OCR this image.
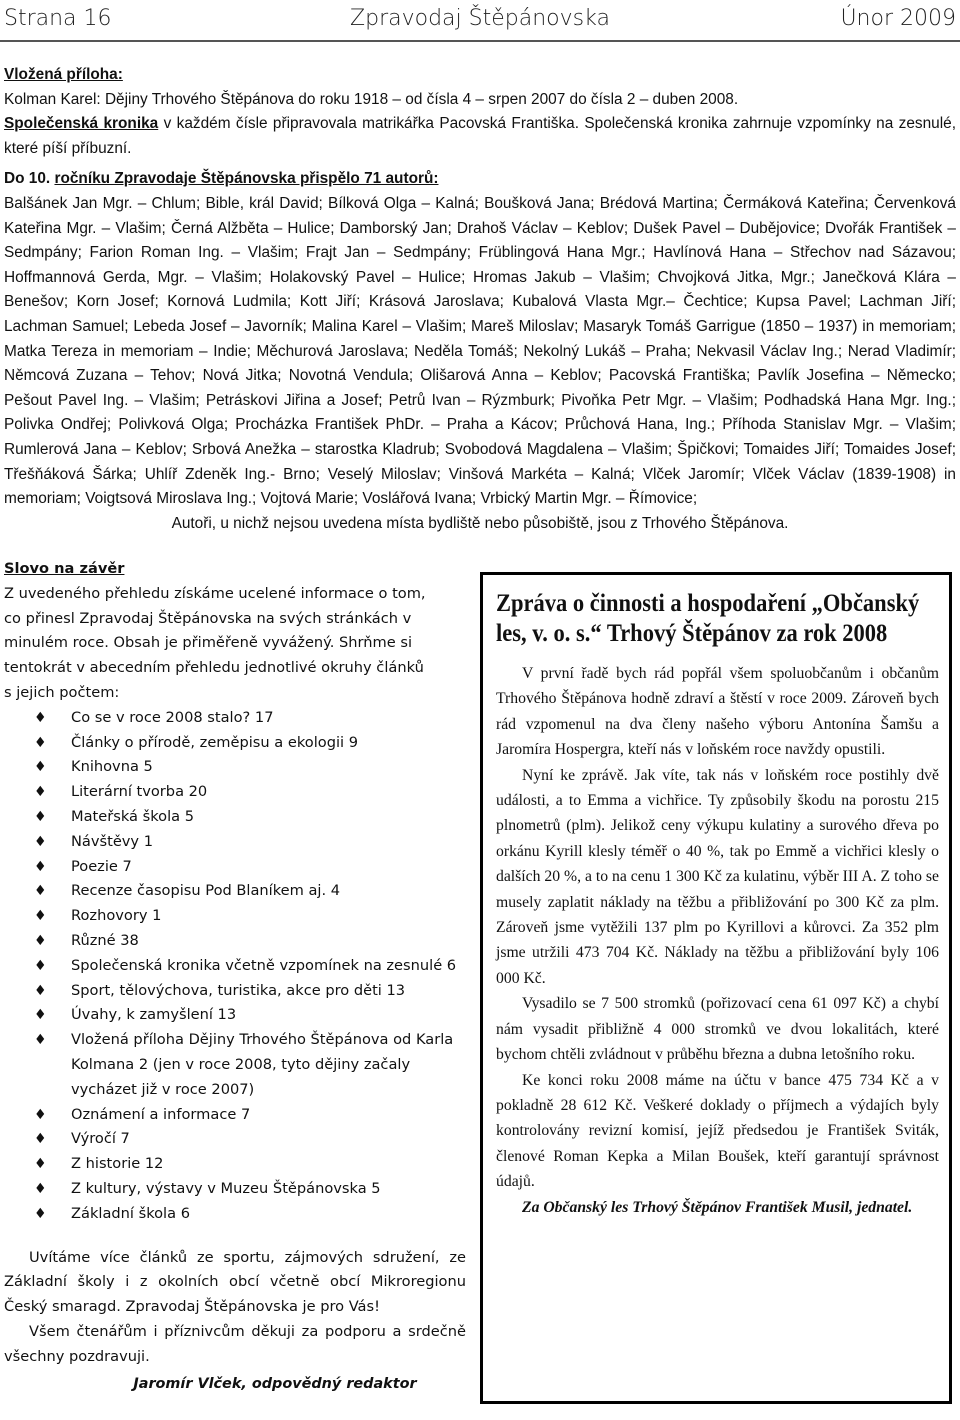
Zpravodaj Štěpánovska
Strana 16	Únor 2009

Vložená příloha:

Kolman Karel: Dějiny Trhového Štěpánova do roku 1918 – od čísla 4 – srpen 2007 do čísla 2 – duben 2008.

Společenská kronika v každém čísle připravovala matrikářka Pacovská Františka. Společenská kronika zahrnuje vzpomínky na zesnulé, které píší příbuzní.

Do 10. ročníku Zpravodaje Štěpánovska přispělo 71 autorů:

Balšánek Jan Mgr. – Chlum; Bible, král David; Bílková Olga – Kalná; Boušková Jana; Brédová Martina; Čermáková Kateřina; Červenková Kateřina Mgr. – Vlašim; Černá Alžběta – Hulice; Damborský Jan; Drahoš Václav – Keblov; Dušek Pavel – Dubějovice; Dvořák František – Sedmpány; Farion Roman Ing. – Vlašim; Frajt Jan – Sedmpány; Früblingová Hana Mgr.; Havlínová Hana – Střechov nad Sázavou; Hoffmannová Gerda, Mgr. – Vlašim; Holakovský Pavel – Hulice; Hromas Jakub – Vlašim; Chvojková Jitka, Mgr.; Janečková Klára – Benešov; Korn Josef; Kornová Ludmila; Kott Jiří; Krásová Jaroslava; Kubalová Vlasta Mgr.– Čechtice; Kupsa Pavel; Lachman Jiří; Lachman Samuel; Lebeda Josef – Javorník; Malina Karel – Vlašim; Mareš Miloslav; Masaryk Tomáš Garrigue (1850 – 1937) in memoriam; Matka Tereza in memoriam – Indie; Měchurová Jaroslava; Neděla Tomáš; Nekolný Lukáš – Praha; Nekvasil Václav Ing.; Nerad Vladimír; Němcová Zuzana – Tehov; Nová Jitka; Novotná Vendula; Olišarová Anna – Keblov; Pacovská Františka; Pavlík Josefina – Německo; Pešout Pavel Ing. – Vlašim; Petráskovi Jiřina a Josef; Petrů Ivan – Rýzmburk; Pivoňka Petr Mgr. – Vlašim; Podhadská Hana Mgr. Ing.; Polivka Ondřej; Polivková Olga; Procházka František PhDr. – Praha a Kácov; Průchová Hana, Ing.; Příhoda Stanislav Mgr. – Vlašim; Rumlerová Jana – Keblov; Srbová Anežka – starostka Kladrub; Svobodová Magdalena – Vlašim; Špičkovi; Tomaides Jiří; Tomaides Josef; Třešňáková Šárka; Uhlíř Zdeněk Ing.- Brno; Veselý Miloslav; Vinšová Markéta – Kalná; Vlček Jaromír; Vlček Václav (1839-1908) in memoriam; Voigtsová Miroslava Ing.; Vojtová Marie; Voslářová Ivana; Vrbický Martin Mgr. – Římovice;

Autoři, u nichž nejsou uvedena místa bydliště nebo působiště, jsou z Trhového Štěpánova.

Slovo na závěr

Z uvedeného přehledu získáme ucelené informace o tom, co přinesl Zpravodaj Štěpánovska na svých stránkách v minulém roce. Obsah je přiměřeně vyvážený. Shrňme si tentokrát v abecedním přehledu jednotlivé okruhy článků s jejich počtem:

♦ Co se v roce 2008 stalo? 17
♦ Články o přírodě, zeměpisu a ekologii 9
♦ Knihovna 5
♦ Literární tvorba 20
♦ Mateřská škola 5
♦ Návštěvy 1
♦ Poezie 7
♦ Recenze časopisu Pod Blaníkem aj. 4
♦ Rozhovory 1
♦ Různé 38
♦ Společenská kronika včetně vzpomínek na zesnulé 6
♦ Sport, tělovýchova, turistika, akce pro děti 13
♦ Úvahy, k zamyšlení 13
♦ Vložená příloha Dějiny Trhového Štěpánova od Karla Kolmana 2 (jen v roce 2008, tyto dějiny začaly vycházet již v roce 2007)
♦ Oznámení a informace 7
♦ Výročí 7
♦ Z historie 12
♦ Z kultury, výstavy v Muzeu Štěpánovska 5
♦ Základní škola 6

Uvítáme více článků ze sportu, zájmových sdružení, ze Základní školy i z okolních obcí včetně obcí Mikroregionu Český smaragd. Zpravodaj Štěpánovska je pro Vás!

Všem čtenářům i příznivcům děkuji za podporu a srdečně všechny pozdravuji.

Jaromír Vlček, odpovědný redaktor
Zpráva o činnosti a hospodaření „Občanský les, v. o. s.“ Trhový Štěpánov za rok 2008

V první řadě bych rád popřál všem spoluobčanům i občanům Trhového Štěpánova hodně zdraví a štěstí v roce 2009. Zároveň bych rád vzpomenul na dva členy našeho výboru Antonína Šamšu a Jaromíra Hospergra, kteří nás v loňském roce navždy opustili.

Nyní ke zprávě. Jak víte, tak nás v loňském roce postihly dvě události, a to Emma a vichřice. Ty způsobily škodu na porostu 215 plnometrů (plm). Jelikož ceny výkupu kulatiny a surového dřeva po orkánu Kyrill klesly téměř o 40 %, tak po Emmě a vichřici klesly o dalších 20 %, a to na cenu 1 300 Kč za kulatinu, výběr III A. Z toho se musely zaplatit náklady na těžbu a přibližování po 300 Kč za plm. Zároveň jsme vytěžili 137 plm po Kyrillovi a kůrovci. Za 352 plm jsme utržili 473 704 Kč. Náklady na těžbu a přibližování byly 106 000 Kč.

Vysadilo se 7 500 stromků (pořizovací cena 61 097 Kč) a chybí nám vysadit přibližně 4 000 stromků ve dvou lokalitách, které bychom chtěli zvládnout v průběhu března a dubna letošního roku.

Ke konci roku 2008 máme na účtu v bance 475 734 Kč a v pokladně 28 612 Kč. Veškeré doklady o příjmech a výdajích byly kontrolovány revizní komisí, jejíž předsedou je František Sviták, členové Roman Kepka a Milan Boušek, kteří garantují správnost údajů.

Za Občanský les Trhový Štěpánov František Musil, jednatel.
